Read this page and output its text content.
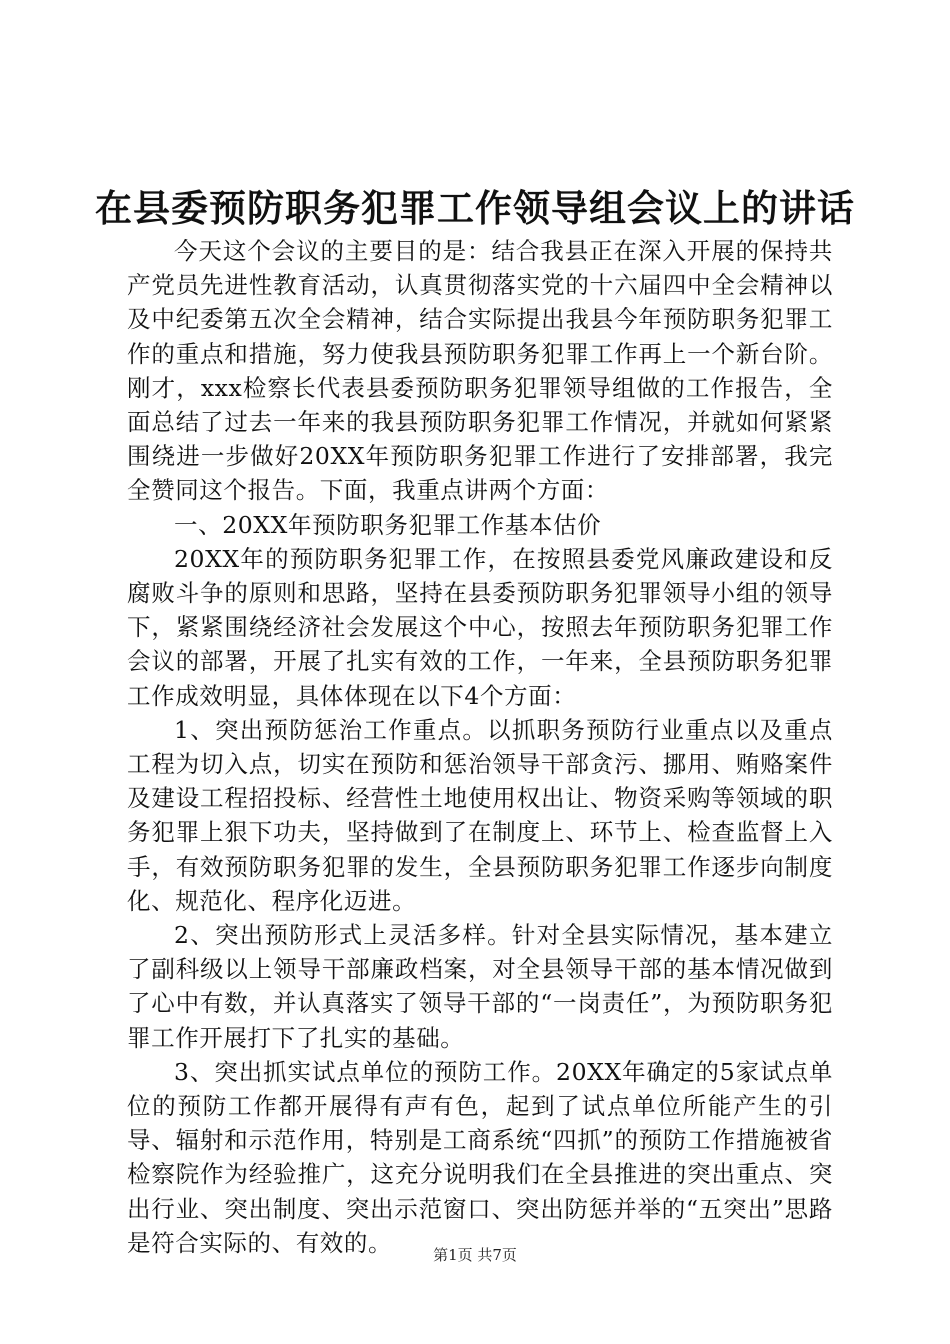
在县委预防职务犯罪工作领导组会议上的讲话

今天这个会议的主要目的是：结合我县正在深入开展的保持共产党员先进性教育活动，认真贯彻落实党的十六届四中全会精神以及中纪委第五次全会精神，结合实际提出我县今年预防职务犯罪工作的重点和措施，努力使我县预防职务犯罪工作再上一个新台阶。刚才，xxx检察长代表县委预防职务犯罪领导组做的工作报告，全面总结了过去一年来的我县预防职务犯罪工作情况，并就如何紧紧围绕进一步做好20XX年预防职务犯罪工作进行了安排部署，我完全赞同这个报告。下面，我重点讲两个方面：

一、20XX年预防职务犯罪工作基本估价

20XX年的预防职务犯罪工作，在按照县委党风廉政建设和反腐败斗争的原则和思路，坚持在县委预防职务犯罪领导小组的领导下，紧紧围绕经济社会发展这个中心，按照去年预防职务犯罪工作会议的部署，开展了扎实有效的工作，一年来，全县预防职务犯罪工作成效明显，具体体现在以下4个方面：

1、突出预防惩治工作重点。以抓职务预防行业重点以及重点工程为切入点，切实在预防和惩治领导干部贪污、挪用、贿赂案件及建设工程招投标、经营性土地使用权出让、物资采购等领域的职务犯罪上狠下功夫，坚持做到了在制度上、环节上、检查监督上入手，有效预防职务犯罪的发生，全县预防职务犯罪工作逐步向制度化、规范化、程序化迈进。

2、突出预防形式上灵活多样。针对全县实际情况，基本建立了副科级以上领导干部廉政档案，对全县领导干部的基本情况做到了心中有数，并认真落实了领导干部的“一岗责任”，为预防职务犯罪工作开展打下了扎实的基础。

3、突出抓实试点单位的预防工作。20XX年确定的5家试点单位的预防工作都开展得有声有色，起到了试点单位所能产生的引导、辐射和示范作用，特别是工商系统“四抓”的预防工作措施被省检察院作为经验推广，这充分说明我们在全县推进的突出重点、突出行业、突出制度、突出示范窗口、突出防惩并举的“五突出”思路是符合实际的、有效的。	第1页 共7页
